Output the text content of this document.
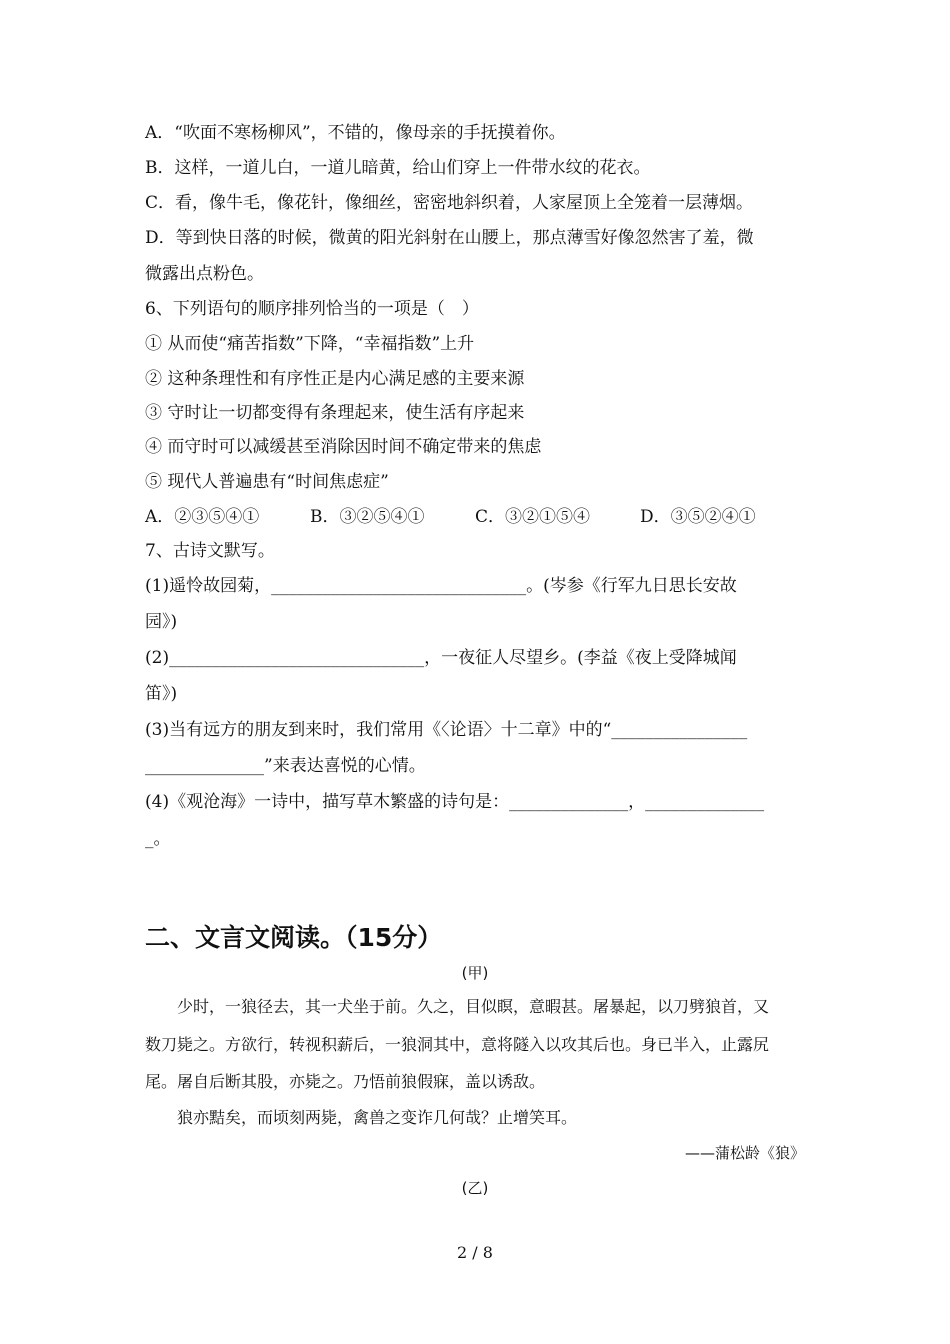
A．“吹面不寒杨柳风”，不错的，像母亲的手抚摸着你。
B．这样，一道儿白，一道儿暗黄，给山们穿上一件带水纹的花衣。
C．看，像牛毛，像花针，像细丝，密密地斜织着，人家屋顶上全笼着一层薄烟。
D．等到快日落的时候，微黄的阳光斜射在山腰上，那点薄雪好像忽然害了羞，微
微露出点粉色。
6、下列语句的顺序排列恰当的一项是（　）
① 从而使“痛苦指数”下降，“幸福指数”上升
② 这种条理性和有序性正是内心满足感的主要来源
③ 守时让一切都变得有条理起来，使生活有序起来
④ 而守时可以减缓甚至消除因时间不确定带来的焦虑
⑤ 现代人普遍患有“时间焦虑症”
A．②③⑤④①	B．③②⑤④①	C．③②①⑤④	D．③⑤②④①
7、古诗文默写。
(1)遥怜故园菊，______________________________。(岑参《行军九日思长安故
园》)
(2)______________________________，一夜征人尽望乡。(李益《夜上受降城闻
笛》)
(3)当有远方的朋友到来时，我们常用《〈论语〉十二章》中的“________________
______________”来表达喜悦的心情。
(4)《观沧海》一诗中，描写草木繁盛的诗句是：______________，______________
_。
二、文言文阅读。（15分）
(甲)
　　少时，一狼径去，其一犬坐于前。久之，目似瞑，意暇甚。屠暴起，以刀劈狼首，又
数刀毙之。方欲行，转视积薪后，一狼洞其中，意将隧入以攻其后也。身已半入，止露尻
尾。屠自后断其股，亦毙之。乃悟前狼假寐，盖以诱敌。
　　狼亦黠矣，而顷刻两毙，禽兽之变诈几何哉？止增笑耳。
——蒲松龄《狼》
(乙)
2 / 8
